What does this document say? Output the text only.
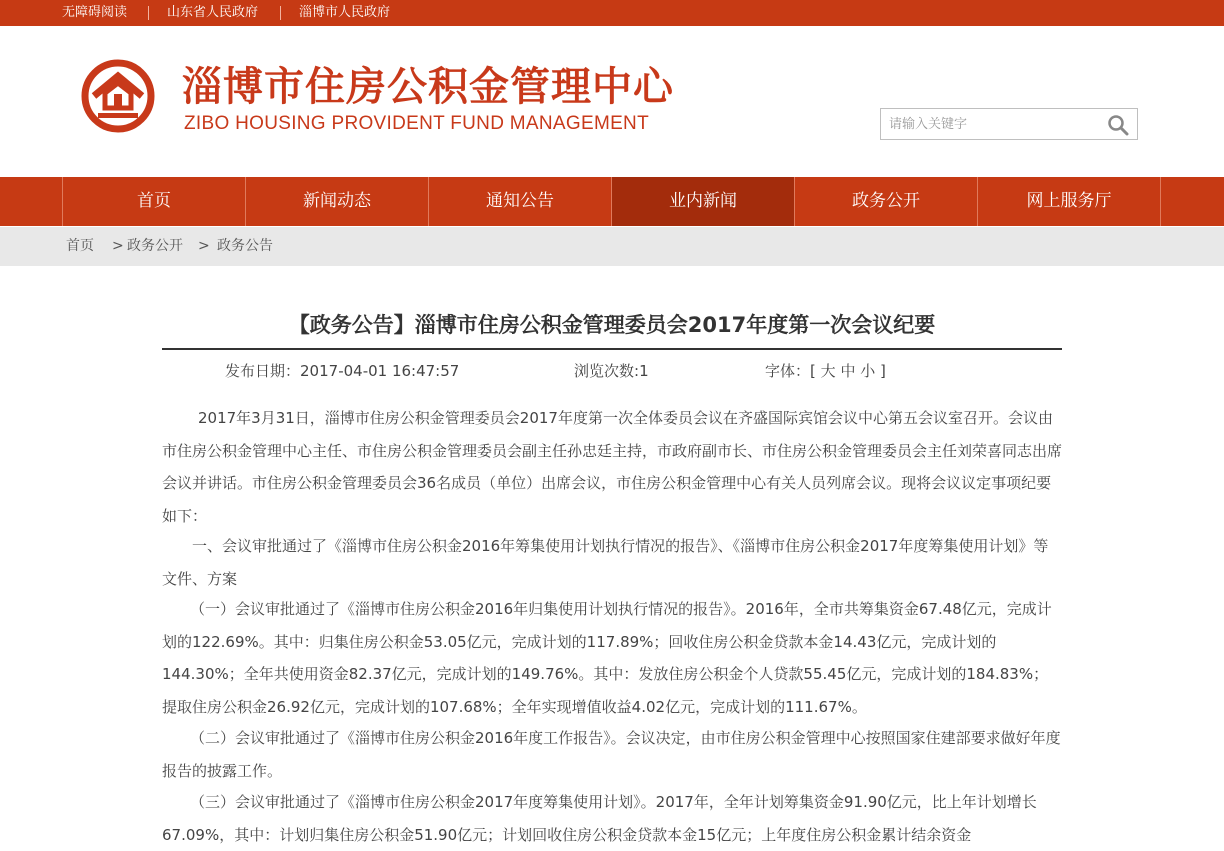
无障碍阅读	山东省人民政府	淄博市人民政府
淄博市住房公积金管理中心
ZIBO HOUSING PROVIDENT FUND MANAGEMENT
请输入关键字
首页	新闻动态	通知公告	业内新闻	政务公开	网上服务厅
首页 > 政务公开 > 政务公告
【政务公告】淄博市住房公积金管理委员会2017年度第一次会议纪要
发布日期：2017-04-01 16:47:57	浏览次数:1	字体：[ 大 中 小 ]

2017年3月31日，淄博市住房公积金管理委员会2017年度第一次全体委员会议在齐盛国际宾馆会议中心第五会议室召开。会议由市住房公积金管理中心主任、市住房公积金管理委员会副主任孙忠廷主持，市政府副市长、市住房公积金管理委员会主任刘荣喜同志出席会议并讲话。市住房公积金管理委员会36名成员（单位）出席会议，市住房公积金管理中心有关人员列席会议。现将会议议定事项纪要如下：

一、会议审批通过了《淄博市住房公积金2016年筹集使用计划执行情况的报告》、《淄博市住房公积金2017年度筹集使用计划》等文件、方案

（一）会议审批通过了《淄博市住房公积金2016年归集使用计划执行情况的报告》。2016年，全市共筹集资金67.48亿元，完成计划的122.69%。其中：归集住房公积金53.05亿元，完成计划的117.89%；回收住房公积金贷款本金14.43亿元，完成计划的144.30%；全年共使用资金82.37亿元，完成计划的149.76%。其中：发放住房公积金个人贷款55.45亿元，完成计划的184.83%；提取住房公积金26.92亿元，完成计划的107.68%；全年实现增值收益4.02亿元，完成计划的111.67%。

（二）会议审批通过了《淄博市住房公积金2016年度工作报告》。会议决定，由市住房公积金管理中心按照国家住建部要求做好年度报告的披露工作。

（三）会议审批通过了《淄博市住房公积金2017年度筹集使用计划》。2017年，全年计划筹集资金91.90亿元，比上年计划增长67.09%，其中：计划归集住房公积金51.90亿元；计划回收住房公积金贷款本金15亿元；上年度住房公积金累计结余资金
